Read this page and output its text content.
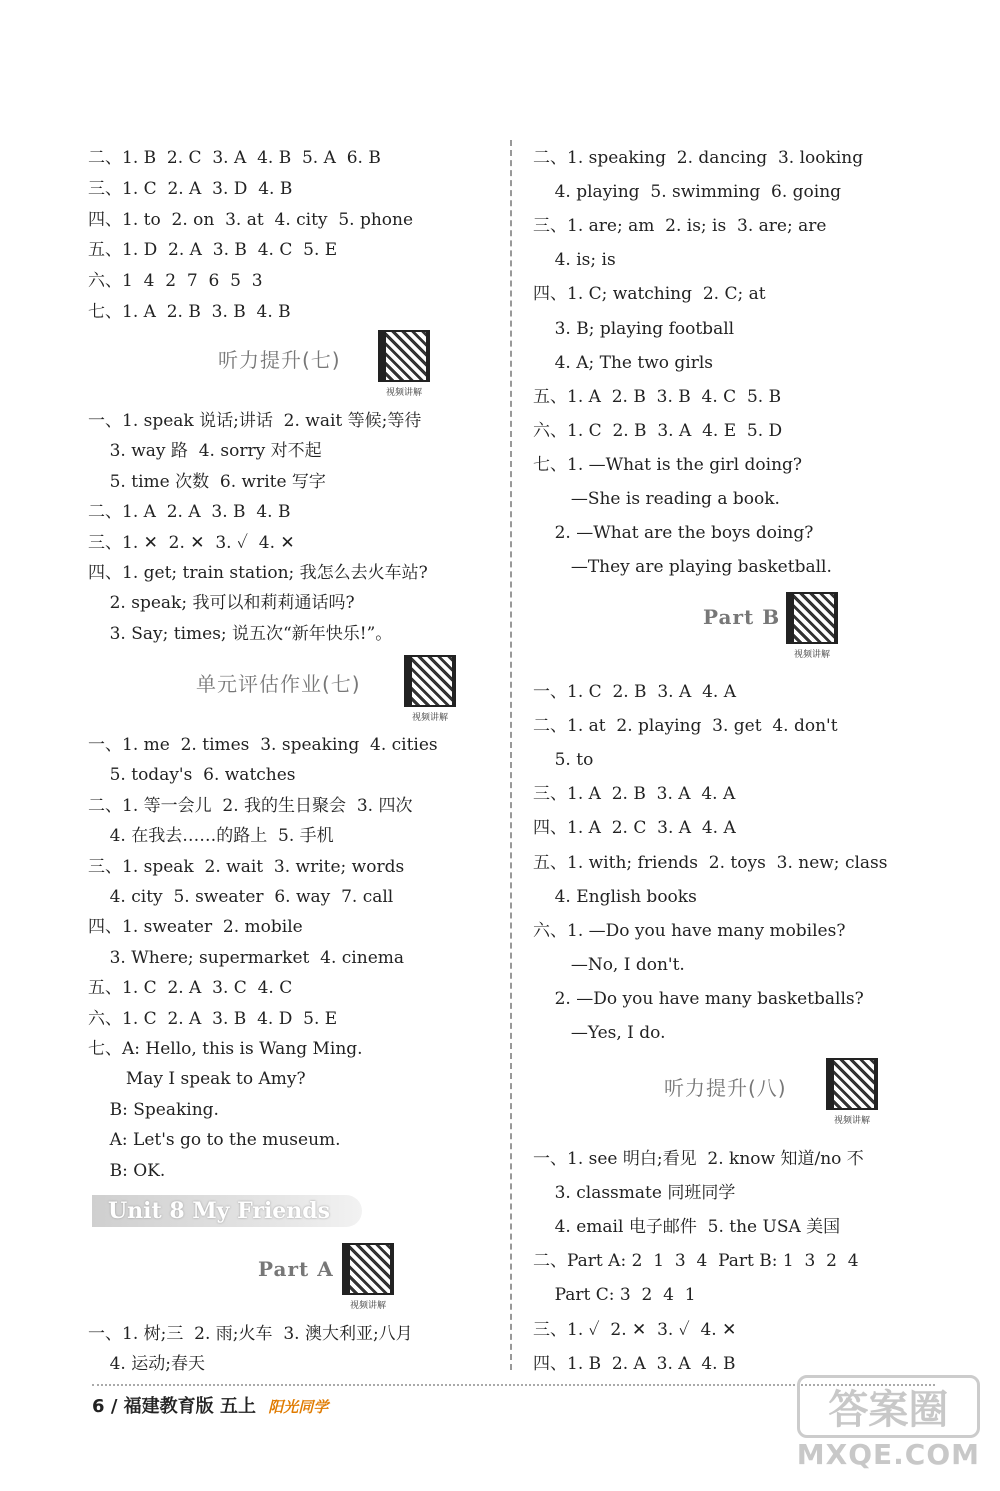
听力提升(七)
视频讲解
单元评估作业(七)
视频讲解
Unit 8 My Friends
Part A
视频讲解
Part B
视频讲解
听力提升(八)
视频讲解
6 / 福建教育版 五上 阳光同学	答案圈
MXQE.COM
二、1. B  2. C  3. A  4. B  5. A  6. B
三、1. C  2. A  3. D  4. B
四、1. to  2. on  3. at  4. city  5. phone
五、1. D  2. A  3. B  4. C  5. E
六、1  4  2  7  6  5  3
七、1. A  2. B  3. B  4. B
一、1. speak 说话;讲话  2. wait 等候;等待
3. way 路  4. sorry 对不起
5. time 次数  6. write 写字
二、1. A  2. A  3. B  4. B
三、1. ✕  2. ✕  3. ✓  4. ✕
四、1. get; train station; 我怎么去火车站?
2. speak; 我可以和莉莉通话吗?
3. Say; times; 说五次“新年快乐!”。
一、1. me  2. times  3. speaking  4. cities
5. today's  6. watches
二、1. 等一会儿  2. 我的生日聚会  3. 四次
4. 在我去……的路上  5. 手机
三、1. speak  2. wait  3. write; words
4. city  5. sweater  6. way  7. call
四、1. sweater  2. mobile
3. Where; supermarket  4. cinema
五、1. C  2. A  3. C  4. C
六、1. C  2. A  3. B  4. D  5. E
七、A: Hello, this is Wang Ming.
May I speak to Amy?
B: Speaking.
A: Let's go to the museum.
B: OK.
一、1. 树;三  2. 雨;火车  3. 澳大利亚;八月
4. 运动;春天
二、1. speaking  2. dancing  3. looking
4. playing  5. swimming  6. going
三、1. are; am  2. is; is  3. are; are
4. is; is
四、1. C; watching  2. C; at
3. B; playing football
4. A; The two girls
五、1. A  2. B  3. B  4. C  5. B
六、1. C  2. B  3. A  4. E  5. D
七、1. —What is the girl doing?
—She is reading a book.
2. —What are the boys doing?
—They are playing basketball.
一、1. C  2. B  3. A  4. A
二、1. at  2. playing  3. get  4. don't
5. to
三、1. A  2. B  3. A  4. A
四、1. A  2. C  3. A  4. A
五、1. with; friends  2. toys  3. new; class
4. English books
六、1. —Do you have many mobiles?
—No, I don't.
2. —Do you have many basketballs?
—Yes, I do.
一、1. see 明白;看见  2. know 知道/no 不
3. classmate 同班同学
4. email 电子邮件  5. the USA 美国
二、Part A: 2  1  3  4  Part B: 1  3  2  4
Part C: 3  2  4  1
三、1. ✓  2. ✕  3. ✓  4. ✕
四、1. B  2. A  3. A  4. B
